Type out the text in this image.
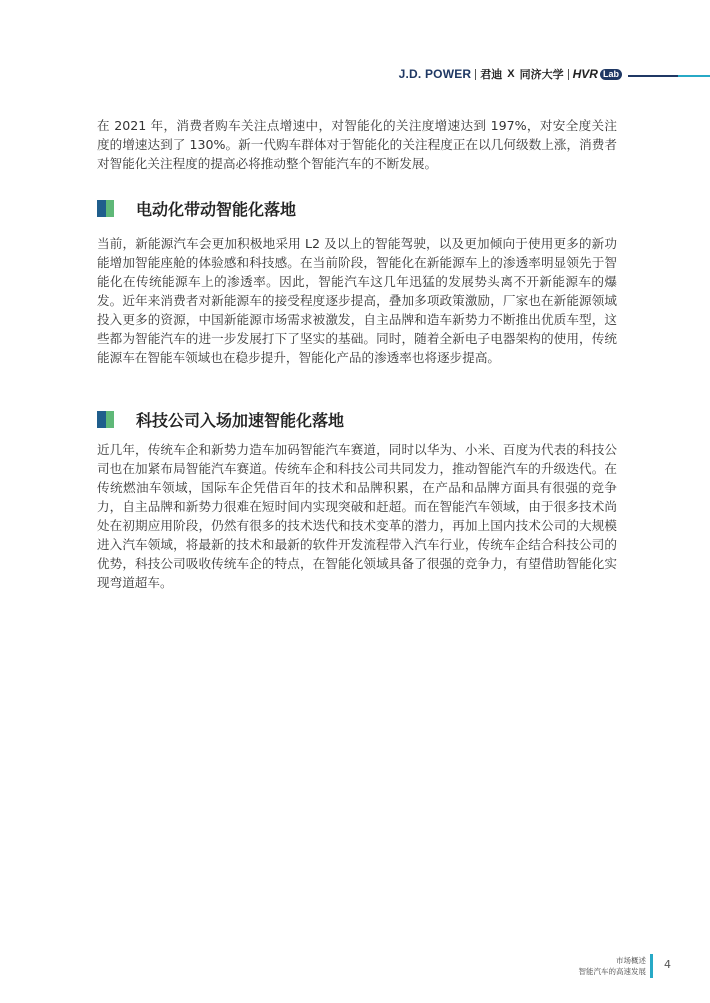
J.D. POWER 君迪 X 同济大学 HVR Lab

在 2021 年，消费者购车关注点增速中，对智能化的关注度增速达到 197%，对安全度关注度的增速达到了 130%。新一代购车群体对于智能化的关注程度正在以几何级数上涨，消费者对智能化关注程度的提高必将推动整个智能汽车的不断发展。

电动化带动智能化落地

当前，新能源汽车会更加积极地采用 L2 及以上的智能驾驶，以及更加倾向于使用更多的新功能增加智能座舱的体验感和科技感。在当前阶段，智能化在新能源车上的渗透率明显领先于智能化在传统能源车上的渗透率。因此，智能汽车这几年迅猛的发展势头离不开新能源车的爆发。近年来消费者对新能源车的接受程度逐步提高，叠加多项政策激励，厂家也在新能源领域投入更多的资源，中国新能源市场需求被激发，自主品牌和造车新势力不断推出优质车型，这些都为智能汽车的进一步发展打下了坚实的基础。同时，随着全新电子电器架构的使用，传统能源车在智能车领域也在稳步提升，智能化产品的渗透率也将逐步提高。

科技公司入场加速智能化落地

近几年，传统车企和新势力造车加码智能汽车赛道，同时以华为、小米、百度为代表的科技公司也在加紧布局智能汽车赛道。传统车企和科技公司共同发力，推动智能汽车的升级迭代。在传统燃油车领域，国际车企凭借百年的技术和品牌积累，在产品和品牌方面具有很强的竞争力，自主品牌和新势力很难在短时间内实现突破和赶超。而在智能汽车领域，由于很多技术尚处在初期应用阶段，仍然有很多的技术迭代和技术变革的潜力，再加上国内技术公司的大规模进入汽车领域，将最新的技术和最新的软件开发流程带入汽车行业，传统车企结合科技公司的优势，科技公司吸收传统车企的特点，在智能化领域具备了很强的竞争力，有望借助智能化实现弯道超车。

市场概述
智能汽车的高速发展
4
